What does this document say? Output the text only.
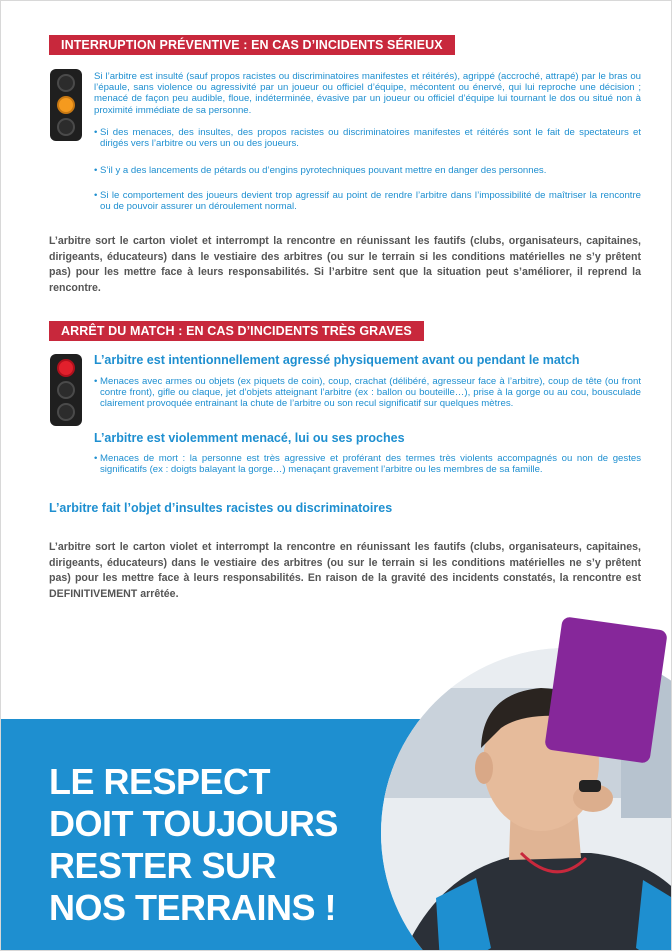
INTERRUPTION PRÉVENTIVE : EN CAS D’INCIDENTS SÉRIEUX
Si l’arbitre est insulté (sauf propos racistes ou discriminatoires manifestes et réitérés), agrippé (accroché, attrapé) par le bras ou l’épaule, sans violence ou agressivité par un joueur ou officiel d’équipe, mécontent ou énervé, qui lui reproche une décision ; menacé de façon peu audible, floue, indéterminée, évasive par un joueur ou officiel d’équipe lui tournant le dos ou situé non à proximité immédiate de sa personne.
• Si des menaces, des insultes, des propos racistes ou discriminatoires manifestes et réitérés sont le fait de spectateurs et dirigés vers l’arbitre ou vers un ou des joueurs.
• S’il y a des lancements de pétards ou d’engins pyrotechniques pouvant mettre en danger des personnes.
• Si le comportement des joueurs devient trop agressif au point de rendre l’arbitre dans l’impossibilité de maîtriser la rencontre ou de pouvoir assurer un déroulement normal.
L’arbitre sort le carton violet et interrompt la rencontre en réunissant les fautifs (clubs, organisateurs, capitaines, dirigeants, éducateurs) dans le vestiaire des arbitres (ou sur le terrain si les conditions matérielles ne s’y prêtent pas) pour les mettre face à leurs responsabilités. Si l’arbitre sent que la situation peut s’améliorer, il reprend la rencontre.
ARRÊT DU MATCH : EN CAS D’INCIDENTS TRÈS GRAVES
L’arbitre est intentionnellement agressé physiquement avant ou pendant le match
• Menaces avec armes ou objets (ex piquets de coin), coup, crachat (délibéré, agresseur face à l’arbitre), coup de tête (ou front contre front), gifle ou claque, jet d’objets atteignant l’arbitre (ex : ballon ou bouteille…), prise à la gorge ou au cou, bousculade clairement provoquée entrainant la chute de l’arbitre ou son recul significatif sur quelques mètres.
L’arbitre est violemment menacé, lui ou ses proches
• Menaces de mort : la personne est très agressive et proférant des termes très violents accompagnés ou non de gestes significatifs (ex : doigts balayant la gorge…) menaçant gravement l’arbitre ou les membres de sa famille.
L’arbitre fait l’objet d’insultes racistes ou discriminatoires
L’arbitre sort le carton violet et interrompt la rencontre en réunissant les fautifs (clubs, organisateurs, capitaines, dirigeants, éducateurs) dans le vestiaire des arbitres (ou sur le terrain si les conditions matérielles ne s’y prêtent pas) pour les mettre face à leurs responsabilités. En raison de la gravité des incidents constatés, la rencontre est DEFINITIVEMENT arrêtée.
LE RESPECT
DOIT TOUJOURS
RESTER SUR
NOS TERRAINS !
